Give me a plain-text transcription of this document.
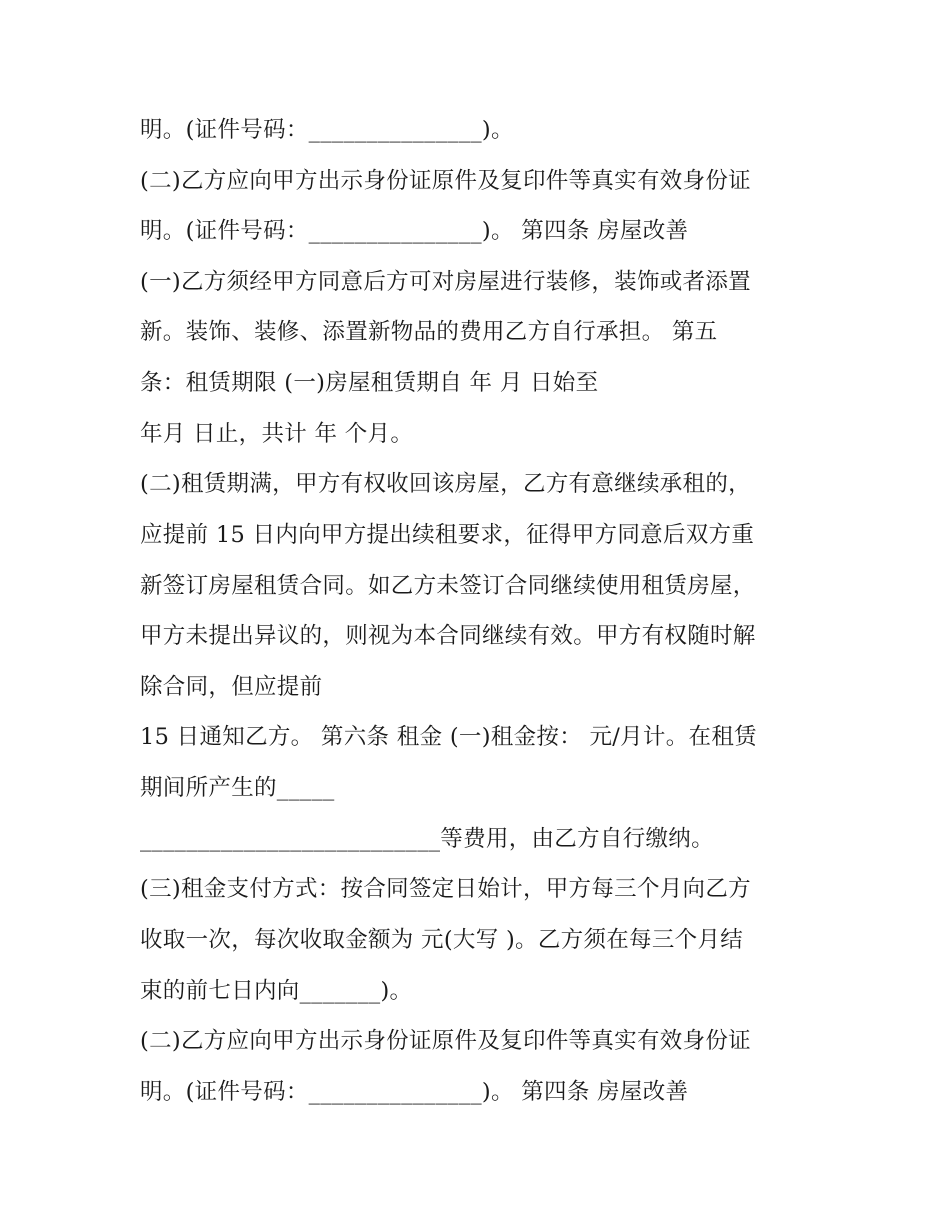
明。(证件号码：_______________)。
(二)乙方应向甲方出示身份证原件及复印件等真实有效身份证
明。(证件号码：_______________)。 第四条 房屋改善
(一)乙方须经甲方同意后方可对房屋进行装修，装饰或者添置
新。装饰、装修、添置新物品的费用乙方自行承担。 第五
条：租赁期限 (一)房屋租赁期自 年 月 日始至
年月 日止，共计 年 个月。
(二)租赁期满，甲方有权收回该房屋，乙方有意继续承租的，
应提前 15 日内向甲方提出续租要求，征得甲方同意后双方重
新签订房屋租赁合同。如乙方未签订合同继续使用租赁房屋，
甲方未提出异议的，则视为本合同继续有效。甲方有权随时解
除合同，但应提前
15 日通知乙方。 第六条 租金 (一)租金按： 元/月计。在租赁
期间所产生的_____
__________________________等费用，由乙方自行缴纳。
(三)租金支付方式：按合同签定日始计，甲方每三个月向乙方
收取一次，每次收取金额为 元(大写 )。乙方须在每三个月结
束的前七日内向_______)。
(二)乙方应向甲方出示身份证原件及复印件等真实有效身份证
明。(证件号码：_______________)。 第四条 房屋改善
